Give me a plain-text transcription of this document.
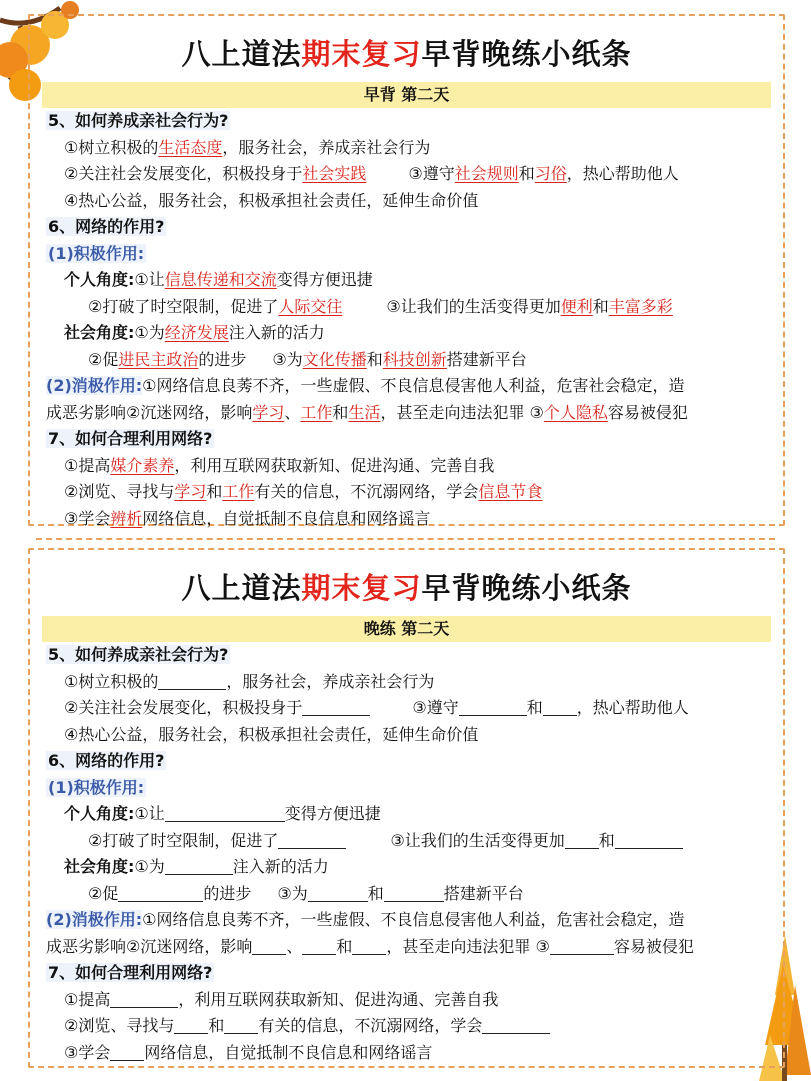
八上道法期末复习早背晚练小纸条
早背 第二天
5、如何养成亲社会行为?
①树立积极的生活态度，服务社会，养成亲社会行为
②关注社会发展变化，积极投身于社会实践	③遵守社会规则和习俗，热心帮助他人
④热心公益，服务社会，积极承担社会责任，延伸生命价值
6、网络的作用?
(1)积极作用:
个人角度:①让信息传递和交流变得方便迅捷
②打破了时空限制，促进了人际交往	③让我们的生活变得更加便利和丰富多彩
社会角度:①为经济发展注入新的活力
②促进民主政治的进步 ③为文化传播和科技创新搭建新平台
(2)消极作用:①网络信息良莠不齐，一些虚假、不良信息侵害他人利益，危害社会稳定，造
成恶劣影响②沉迷网络，影响学习、工作和生活，甚至走向违法犯罪 ③个人隐私容易被侵犯
7、如何合理利用网络?
①提高媒介素养，利用互联网获取新知、促进沟通、完善自我
②浏览、寻找与学习和工作有关的信息，不沉溺网络，学会信息节食
③学会辨析网络信息，自觉抵制不良信息和网络谣言
八上道法期末复习早背晚练小纸条
晚练 第二天
5、如何养成亲社会行为?
①树立积极的	，服务社会，养成亲社会行为
②关注社会发展变化，积极投身于	③遵守	和 ，热心帮助他人
④热心公益，服务社会，积极承担社会责任，延伸生命价值
6、网络的作用?
(1)积极作用:
个人角度:①让	变得方便迅捷
②打破了时空限制，促进了	③让我们的生活变得更加 和
社会角度:①为	注入新的活力
②促	的进步 ③为	和	搭建新平台
(2)消极作用:①网络信息良莠不齐，一些虚假、不良信息侵害他人利益，危害社会稳定，造
成恶劣影响②沉迷网络，影响 、 和 ，甚至走向违法犯罪 ③	容易被侵犯
7、如何合理利用网络?
①提高	，利用互联网获取新知、促进沟通、完善自我
②浏览、寻找与 和 有关的信息，不沉溺网络，学会
③学会 网络信息，自觉抵制不良信息和网络谣言
